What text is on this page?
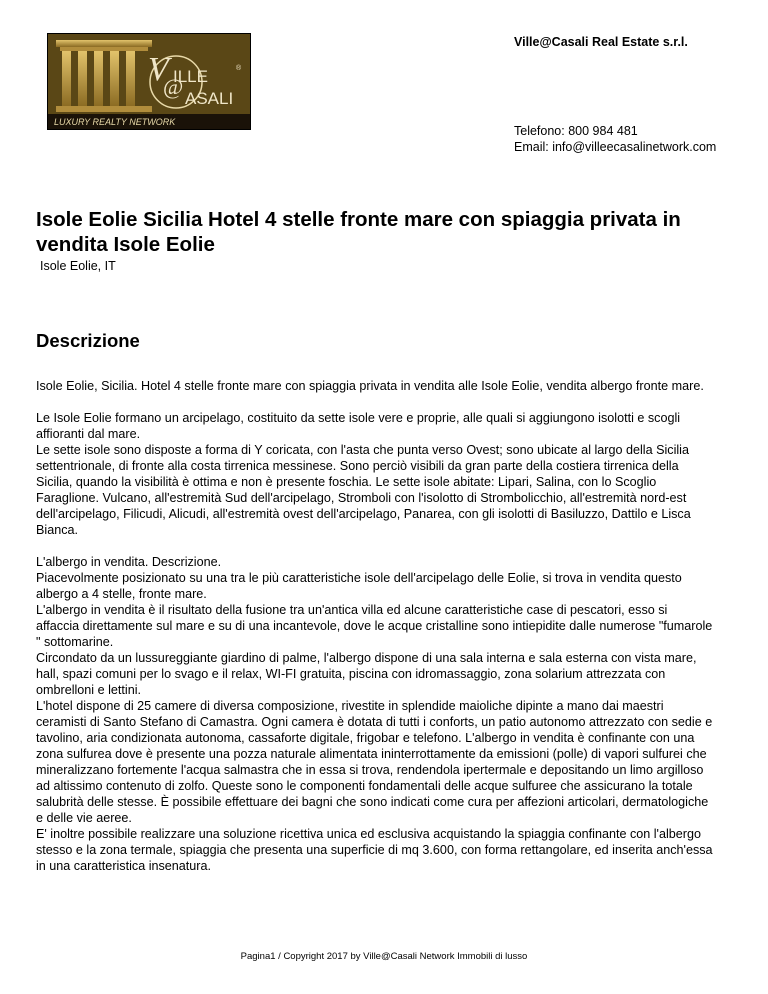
V
@
ILLE
ASALI
®
LUXURY REALTY NETWORK
Ville@Casali Real Estate s.r.l.
Telefono: 800 984 481
Email: info@villeecasalinetwork.com
Isole Eolie Sicilia Hotel 4 stelle fronte mare con spiaggia privata in vendita Isole Eolie
Isole Eolie, IT
Descrizione

Isole Eolie, Sicilia. Hotel 4 stelle fronte mare con spiaggia privata in vendita alle Isole Eolie, vendita albergo fronte mare.

Le Isole Eolie formano un arcipelago, costituito da sette isole vere e proprie, alle quali si aggiungono isolotti e scogli
affioranti dal mare.
Le sette isole sono disposte a forma di Y coricata, con l'asta che punta verso Ovest; sono ubicate al largo della Sicilia
settentrionale, di fronte alla costa tirrenica messinese. Sono perciò visibili da gran parte della costiera tirrenica della
Sicilia, quando la visibilità è ottima e non è presente foschia. Le sette isole abitate: Lipari, Salina, con lo Scoglio
Faraglione. Vulcano, all'estremità Sud dell'arcipelago, Stromboli con l'isolotto di Strombolicchio, all'estremità nord-est
dell'arcipelago, Filicudi, Alicudi, all'estremità ovest dell'arcipelago, Panarea, con gli isolotti di Basiluzzo, Dattilo e Lisca
Bianca.

L'albergo in vendita. Descrizione.
Piacevolmente posizionato su una tra le più caratteristiche isole dell'arcipelago delle Eolie, si trova in vendita questo
albergo a 4 stelle, fronte mare.
L'albergo in vendita è il risultato della fusione tra un'antica villa ed alcune caratteristiche case di pescatori, esso si
affaccia direttamente sul mare e su di una incantevole, dove le acque cristalline sono intiepidite dalle numerose "fumarole
" sottomarine.
Circondato da un lussureggiante giardino di palme, l'albergo dispone di una sala interna e sala esterna con vista mare,
hall, spazi comuni per lo svago e il relax, WI-FI gratuita, piscina con idromassaggio, zona solarium attrezzata con
ombrelloni e lettini.
L'hotel dispone di 25 camere di diversa composizione, rivestite in splendide maioliche dipinte a mano dai maestri
ceramisti di Santo Stefano di Camastra. Ogni camera è dotata di tutti i conforts, un patio autonomo attrezzato con sedie e
tavolino, aria condizionata autonoma, cassaforte digitale, frigobar e telefono. L'albergo in vendita è confinante con una
zona sulfurea dove è presente una pozza naturale alimentata ininterrottamente da emissioni (polle) di vapori sulfurei che
mineralizzano fortemente l'acqua salmastra che in essa si trova, rendendola ipertermale e depositando un limo argilloso
ad altissimo contenuto di zolfo. Queste sono le componenti fondamentali delle acque sulfuree che assicurano la totale
salubrità delle stesse. È possibile effettuare dei bagni che sono indicati come cura per affezioni articolari, dermatologiche
e delle vie aeree.
E' inoltre possibile realizzare una soluzione ricettiva unica ed esclusiva acquistando la spiaggia confinante con l'albergo
stesso e la zona termale, spiaggia che presenta una superficie di mq 3.600, con forma rettangolare, ed inserita anch'essa
in una caratteristica insenatura.

Pagina1 / Copyright 2017 by Ville@Casali Network Immobili di lusso
